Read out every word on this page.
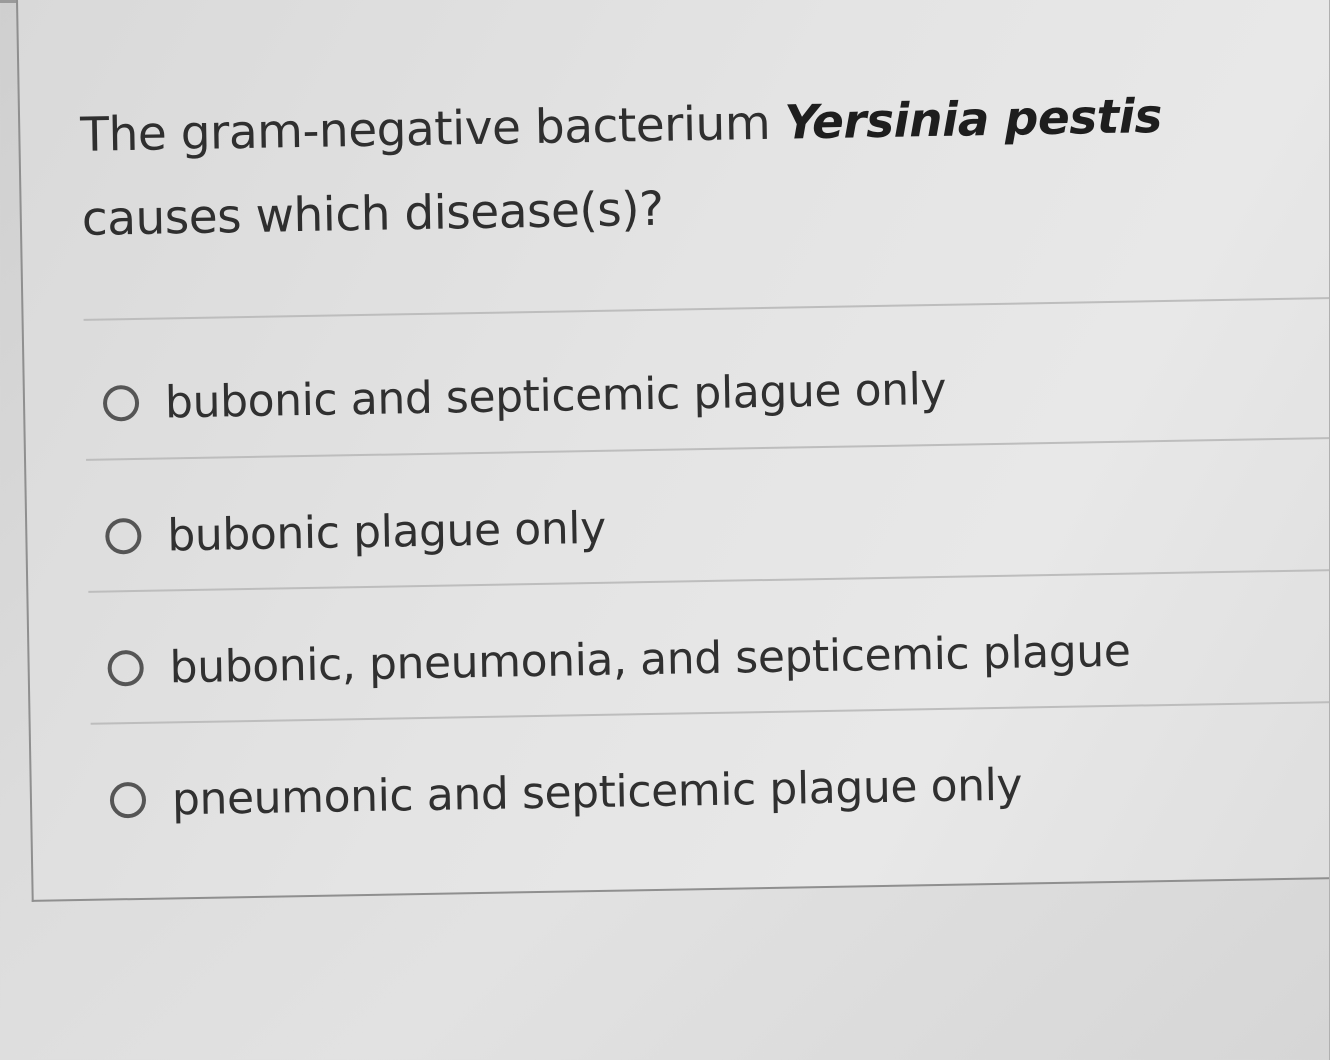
The gram-negative bacterium Yersinia pestis causes which disease(s)?
bubonic and septicemic plague only
bubonic plague only
bubonic, pneumonia, and septicemic plague
pneumonic and septicemic plague only
